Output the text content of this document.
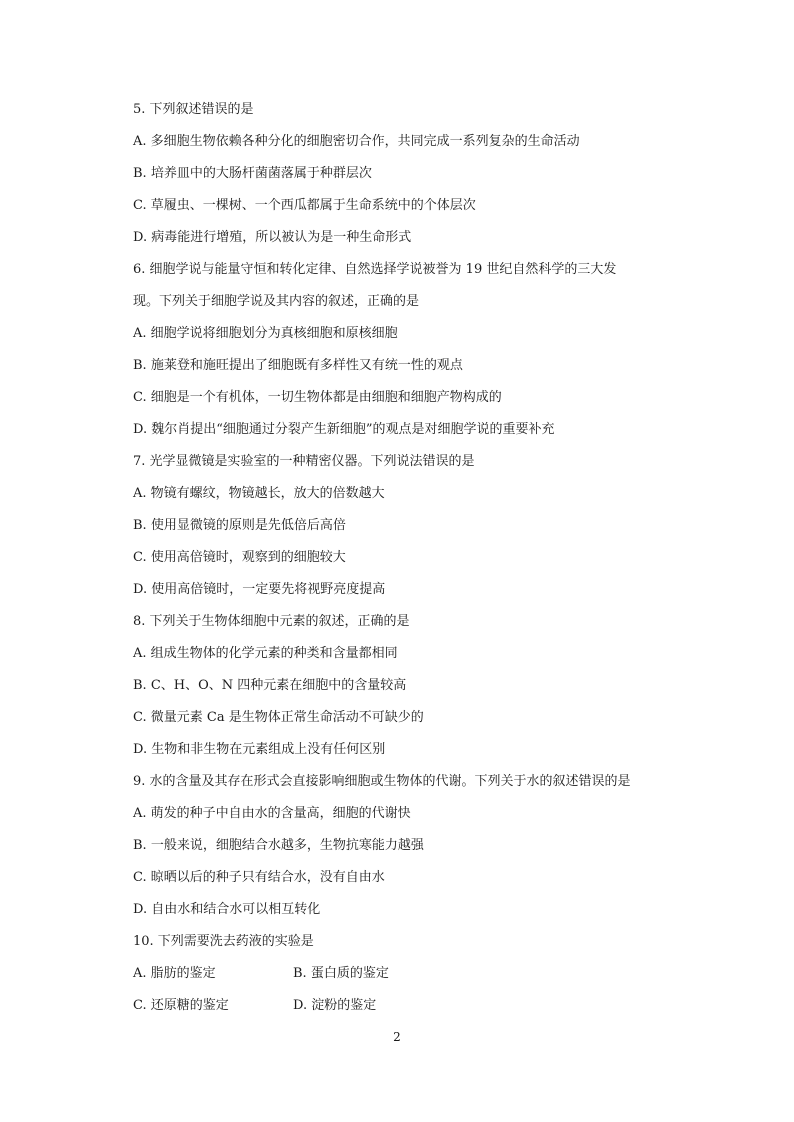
5. 下列叙述错误的是
A. 多细胞生物依赖各种分化的细胞密切合作，共同完成一系列复杂的生命活动
B. 培养皿中的大肠杆菌菌落属于种群层次
C. 草履虫、一棵树、一个西瓜都属于生命系统中的个体层次
D. 病毒能进行增殖，所以被认为是一种生命形式
6. 细胞学说与能量守恒和转化定律、自然选择学说被誉为 19 世纪自然科学的三大发
现。下列关于细胞学说及其内容的叙述，正确的是
A. 细胞学说将细胞划分为真核细胞和原核细胞
B. 施莱登和施旺提出了细胞既有多样性又有统一性的观点
C. 细胞是一个有机体，一切生物体都是由细胞和细胞产物构成的
D. 魏尔肖提出“细胞通过分裂产生新细胞”的观点是对细胞学说的重要补充
7. 光学显微镜是实验室的一种精密仪器。下列说法错误的是
A. 物镜有螺纹，物镜越长，放大的倍数越大
B. 使用显微镜的原则是先低倍后高倍
C. 使用高倍镜时，观察到的细胞较大
D. 使用高倍镜时，一定要先将视野亮度提高
8. 下列关于生物体细胞中元素的叙述，正确的是
A. 组成生物体的化学元素的种类和含量都相同
B. C、H、O、N 四种元素在细胞中的含量较高
C. 微量元素 Ca 是生物体正常生命活动不可缺少的
D. 生物和非生物在元素组成上没有任何区别
9. 水的含量及其存在形式会直接影响细胞或生物体的代谢。下列关于水的叙述错误的是
A. 萌发的种子中自由水的含量高，细胞的代谢快
B. 一般来说，细胞结合水越多，生物抗寒能力越强
C. 晾晒以后的种子只有结合水，没有自由水
D. 自由水和结合水可以相互转化
10. 下列需要洗去药液的实验是
A. 脂肪的鉴定	B. 蛋白质的鉴定
C. 还原糖的鉴定	D. 淀粉的鉴定
2
